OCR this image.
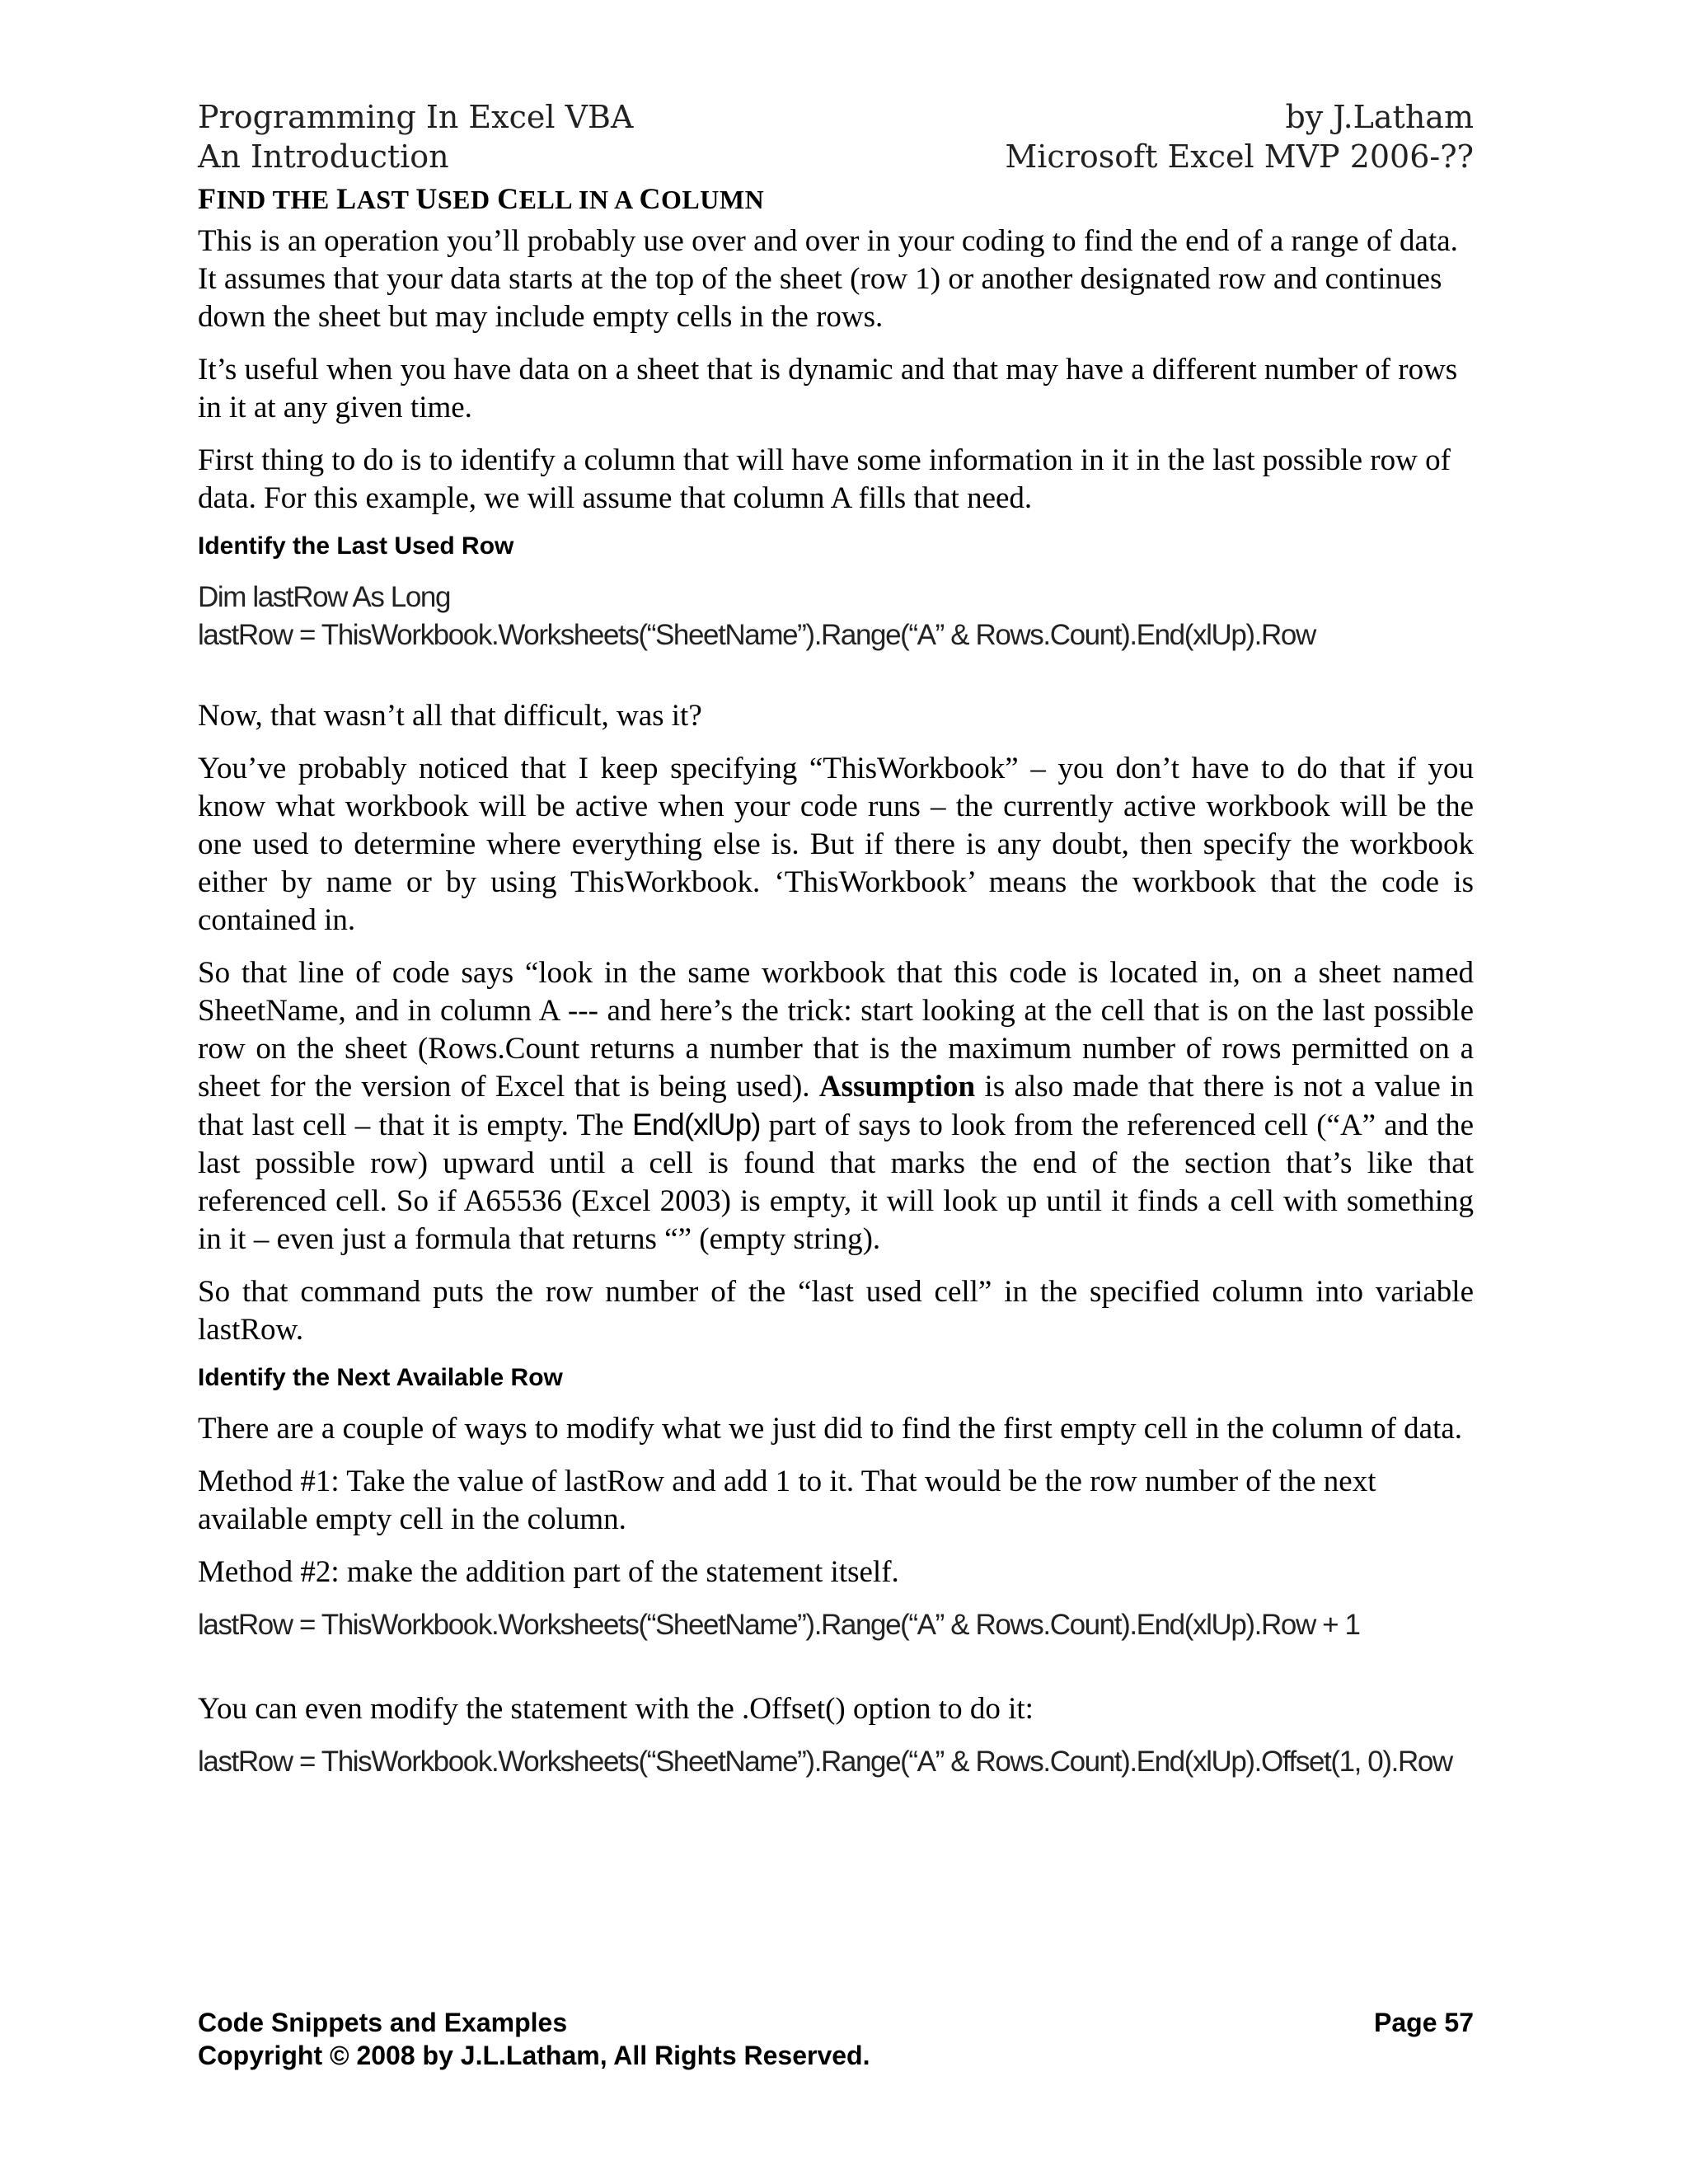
Programming In Excel VBA	by J.Latham
An Introduction	Microsoft Excel MVP 2006-??
FIND THE LAST USED CELL IN A COLUMN

This is an operation you’ll probably use over and over in your coding to find the end of a range of data. It assumes that your data starts at the top of the sheet (row 1) or another designated row and continues down the sheet but may include empty cells in the rows.

It’s useful when you have data on a sheet that is dynamic and that may have a different number of rows in it at any given time.

First thing to do is to identify a column that will have some information in it in the last possible row of data. For this example, we will assume that column A fills that need.

Identify the Last Used Row
Dim lastRow As Long
lastRow = ThisWorkbook.Worksheets(“SheetName”).Range(“A” & Rows.Count).End(xlUp).Row

Now, that wasn’t all that difficult, was it?

You’ve probably noticed that I keep specifying “ThisWorkbook” – you don’t have to do that if you know what workbook will be active when your code runs – the currently active workbook will be the one used to determine where everything else is. But if there is any doubt, then specify the workbook either by name or by using ThisWorkbook. ‘ThisWorkbook’ means the workbook that the code is contained in.

So that line of code says “look in the same workbook that this code is located in, on a sheet named SheetName, and in column A --- and here’s the trick: start looking at the cell that is on the last possible row on the sheet (Rows.Count returns a number that is the maximum number of rows permitted on a sheet for the version of Excel that is being used). Assumption is also made that there is not a value in that last cell – that it is empty. The End(xlUp) part of says to look from the referenced cell (“A” and the last possible row) upward until a cell is found that marks the end of the section that’s like that referenced cell. So if A65536 (Excel 2003) is empty, it will look up until it finds a cell with something in it – even just a formula that returns “” (empty string).

So that command puts the row number of the “last used cell” in the specified column into variable lastRow.

Identify the Next Available Row

There are a couple of ways to modify what we just did to find the first empty cell in the column of data.

Method #1: Take the value of lastRow and add 1 to it. That would be the row number of the next available empty cell in the column.

Method #2: make the addition part of the statement itself.

lastRow = ThisWorkbook.Worksheets(“SheetName”).Range(“A” & Rows.Count).End(xlUp).Row + 1

You can even modify the statement with the .Offset() option to do it:

lastRow = ThisWorkbook.Worksheets(“SheetName”).Range(“A” & Rows.Count).End(xlUp).Offset(1, 0).Row
Code Snippets and Examples	Page 57
Copyright © 2008 by J.L.Latham, All Rights Reserved.
